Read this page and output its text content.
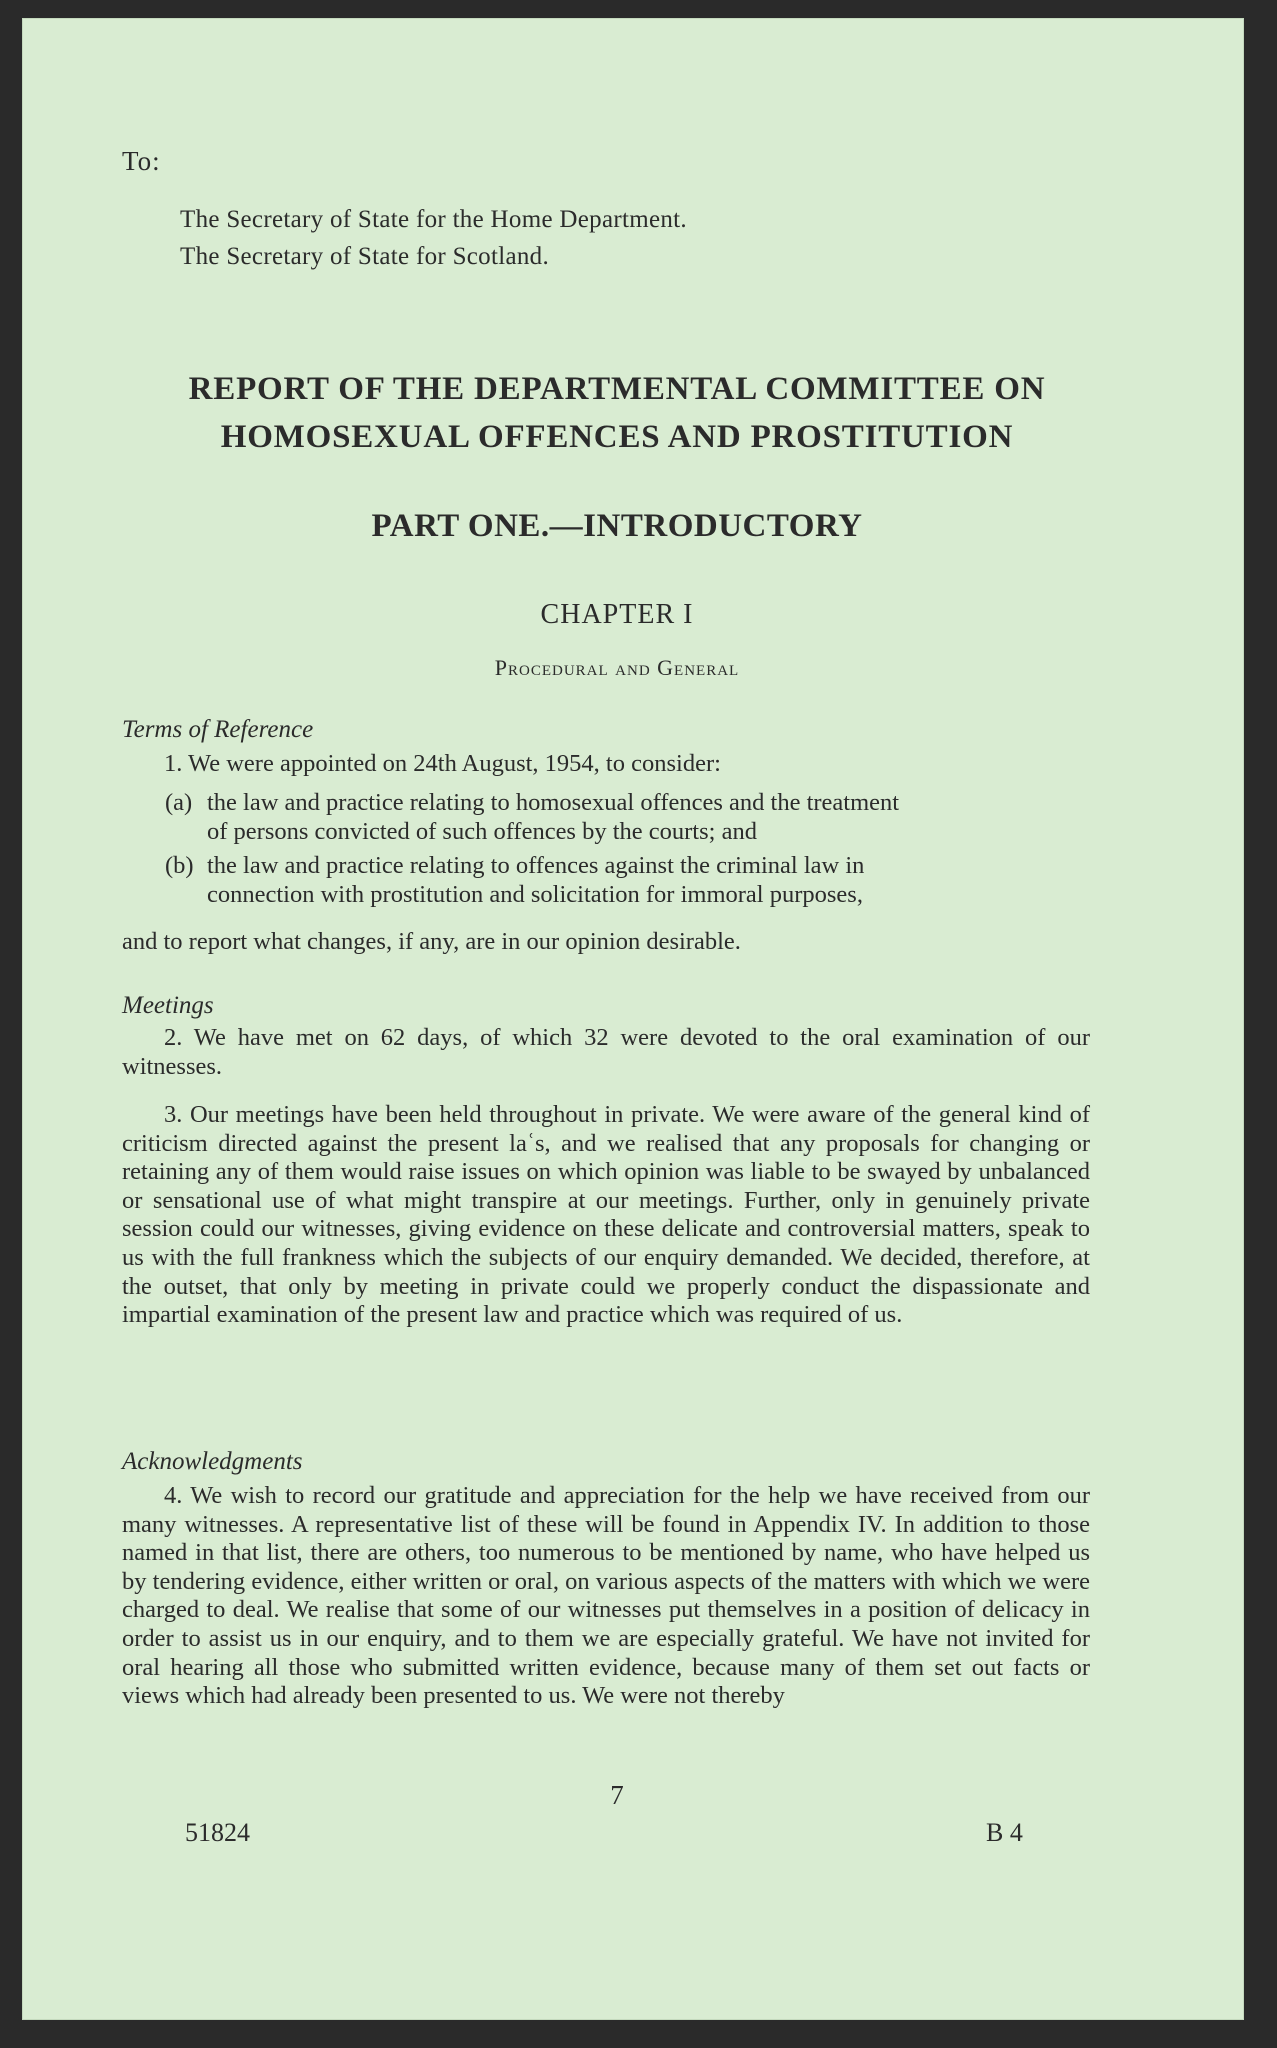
To:
The Secretary of State for the Home Department.
The Secretary of State for Scotland.
REPORT OF THE DEPARTMENTAL COMMITTEE ON
HOMOSEXUAL OFFENCES AND PROSTITUTION
PART ONE.—INTRODUCTORY
CHAPTER I
Procedural and General
Terms of Reference
1. We were appointed on 24th August, 1954, to consider:
(a) the law and practice relating to homosexual offences and the treatment
of persons convicted of such offences by the courts; and
(b) the law and practice relating to offences against the criminal law in
connection with prostitution and solicitation for immoral purposes,
and to report what changes, if any, are in our opinion desirable.
Meetings
2. We have met on 62 days, of which 32 were devoted to the oral examination of our witnesses.
3. Our meetings have been held throughout in private. We were aware of the general kind of criticism directed against the present laʿs, and we realised that any proposals for changing or retaining any of them would raise issues on which opinion was liable to be swayed by unbalanced or sensational use of what might transpire at our meetings. Further, only in genuinely private session could our witnesses, giving evidence on these delicate and controversial matters, speak to us with the full frankness which the subjects of our enquiry demanded. We decided, therefore, at the outset, that only by meeting in private could we properly conduct the dispassionate and impartial examination of the present law and practice which was required of us.
Acknowledgments
4. We wish to record our gratitude and appreciation for the help we have received from our many witnesses. A representative list of these will be found in Appendix IV. In addition to those named in that list, there are others, too numerous to be mentioned by name, who have helped us by tendering evidence, either written or oral, on various aspects of the matters with which we were charged to deal. We realise that some of our witnesses put themselves in a position of delicacy in order to assist us in our enquiry, and to them we are especially grateful. We have not invited for oral hearing all those who submitted written evidence, because many of them set out facts or views which had already been presented to us. We were not thereby
7
51824	B 4
